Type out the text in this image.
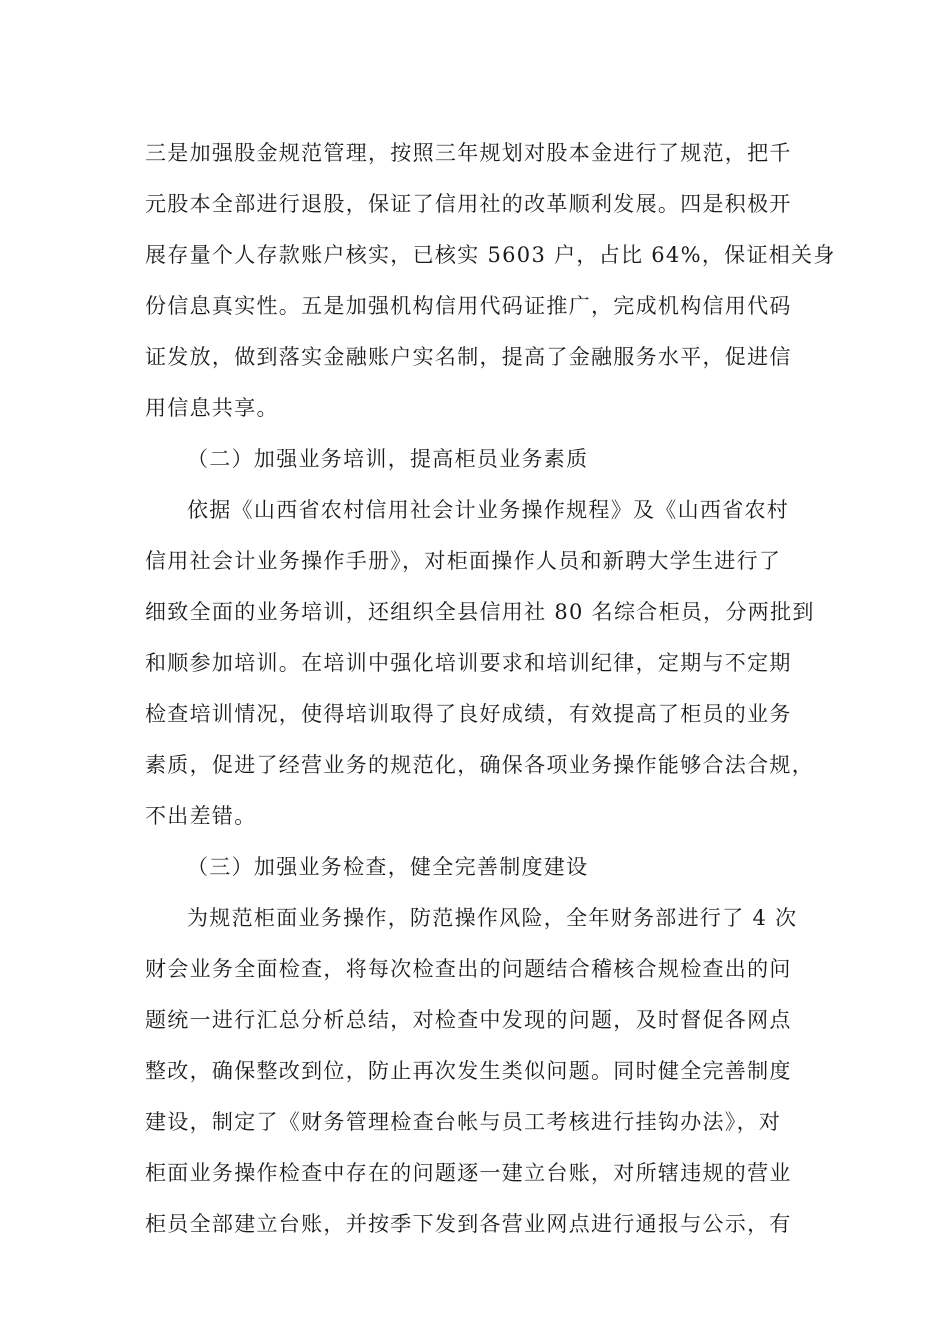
三是加强股金规范管理，按照三年规划对股本金进行了规范，把千
元股本全部进行退股，保证了信用社的改革顺利发展。四是积极开
展存量个人存款账户核实，已核实 5603 户，占比 64%，保证相关身
份信息真实性。五是加强机构信用代码证推广，完成机构信用代码
证发放，做到落实金融账户实名制，提高了金融服务水平，促进信
用信息共享。
（二）加强业务培训，提高柜员业务素质
依据《山西省农村信用社会计业务操作规程》及《山西省农村
信用社会计业务操作手册》，对柜面操作人员和新聘大学生进行了
细致全面的业务培训，还组织全县信用社 80 名综合柜员，分两批到
和顺参加培训。在培训中强化培训要求和培训纪律，定期与不定期
检查培训情况，使得培训取得了良好成绩，有效提高了柜员的业务
素质，促进了经营业务的规范化，确保各项业务操作能够合法合规，
不出差错。
（三）加强业务检查，健全完善制度建设
为规范柜面业务操作，防范操作风险，全年财务部进行了 4 次
财会业务全面检查，将每次检查出的问题结合稽核合规检查出的问
题统一进行汇总分析总结，对检查中发现的问题，及时督促各网点
整改，确保整改到位，防止再次发生类似问题。同时健全完善制度
建设，制定了《财务管理检查台帐与员工考核进行挂钩办法》，对
柜面业务操作检查中存在的问题逐一建立台账，对所辖违规的营业
柜员全部建立台账，并按季下发到各营业网点进行通报与公示，有
